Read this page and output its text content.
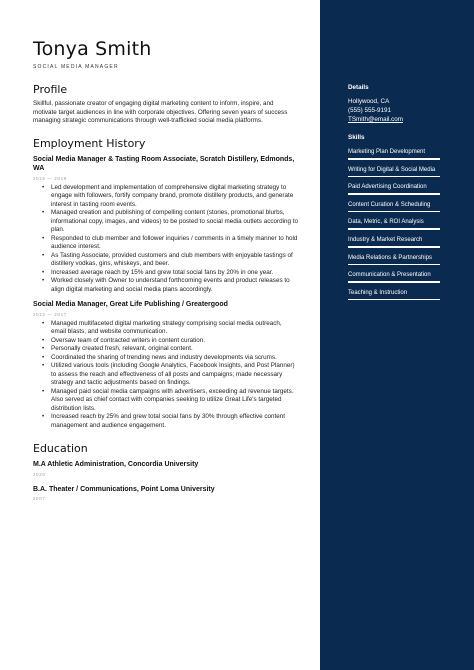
Tonya Smith
SOCIAL MEDIA MANAGER
Profile
Skillful, passionate creator of engaging digital marketing content to inform, inspire, and motivate target audiences in line with corporate objectives. Offering seven years of success managing strategic communications through well-trafficked social media platforms.
Employment History
Social Media Manager & Tasting Room Associate, Scratch Distillery, Edmonds, WA
2018 — 2019
• Led development and implementation of comprehensive digital marketing strategy to engage with followers, fortify company brand, promote distillery products, and generate interest in tasting room events.
• Managed creation and publishing of compelling content (stories, promotional blurbs, informational copy, images, and videos) to be posted to social media outlets according to plan.
• Responded to club member and follower inquiries / comments in a timely manner to hold audience interest.
• As Tasting Associate, provided customers and club members with enjoyable tastings of distillery vodkas, gins, whiskeys, and beer.
• Increased average reach by 15% and grew total social fans by 20% in one year.
• Worked closely with Owner to understand forthcoming events and product releases to align digital marketing and social media plans accordingly.
Social Media Manager, Great Life Publishing / Greatergood
2013 — 2017
• Managed multifaceted digital marketing strategy comprising social media outreach, email blasts, and website communication.
• Oversaw team of contracted writers in content curation.
• Personally created fresh, relevant, original content.
• Coordinated the sharing of trending news and industry developments via scrums.
• Utilized various tools (including Google Analytics, Facebook Insights, and Post Planner) to assess the reach and effectiveness of all posts and campaigns; made necessary strategy and tactic adjustments based on findings.
• Managed paid social media campaigns with advertisers, exceeding ad revenue targets. Also served as chief contact with companies seeking to utilize Great Life's targeted distribution lists.
• Increased reach by 25% and grew total social fans by 30% through effective content management and audience engagement.
Education
M.A Athletic Administration, Concordia University
2020
B.A. Theater / Communications, Point Loma University
2007
Details
Hollywood, CA
(555) 555-9191
TSmith@email.com
Skills
Marketing Plan Development
Writing for Digital & Social Media
Paid Advertising Coordination
Content Curation & Scheduling
Data, Metric, & ROI Analysis
Industry & Market Research
Media Relations & Partnerships
Communication & Presentation
Teaching & Instruction
